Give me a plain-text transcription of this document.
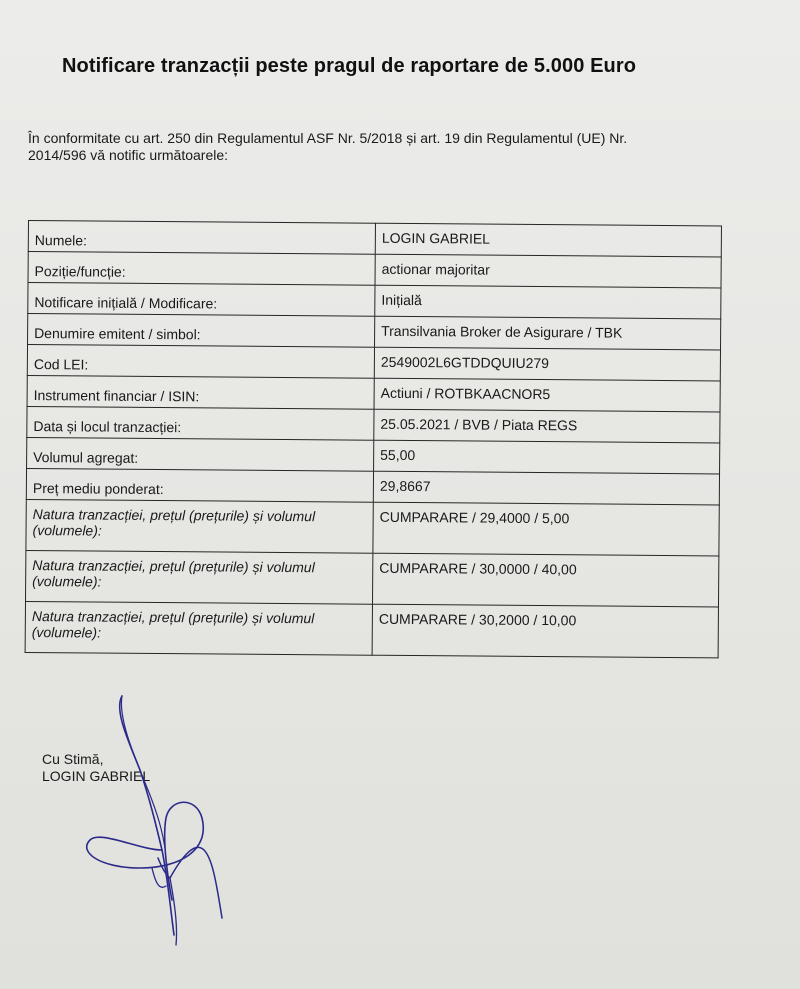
Notificare tranzacții peste pragul de raportare de 5.000 Euro
În conformitate cu art. 250 din Regulamentul ASF Nr. 5/2018 și art. 19 din Regulamentul (UE) Nr. 2014/596 vă notific următoarele:
Numele:	LOGIN GABRIEL
Poziție/funcție:	actionar majoritar
Notificare inițială / Modificare:	Inițială
Denumire emitent / simbol:	Transilvania Broker de Asigurare / TBK
Cod LEI:	2549002L6GTDDQUIU279
Instrument financiar / ISIN:	Actiuni / ROTBKAACNOR5
Data și locul tranzacției:	25.05.2021 / BVB / Piata REGS
Volumul agregat:	55,00
Preț mediu ponderat:	29,8667
Natura tranzacției, prețul (prețurile) și volumul (volumele):	CUMPARARE / 29,4000 / 5,00
Natura tranzacției, prețul (prețurile) și volumul (volumele):	CUMPARARE / 30,0000 / 40,00
Natura tranzacției, prețul (prețurile) și volumul (volumele):	CUMPARARE / 30,2000 / 10,00
Cu Stimă,
LOGIN GABRIEL
